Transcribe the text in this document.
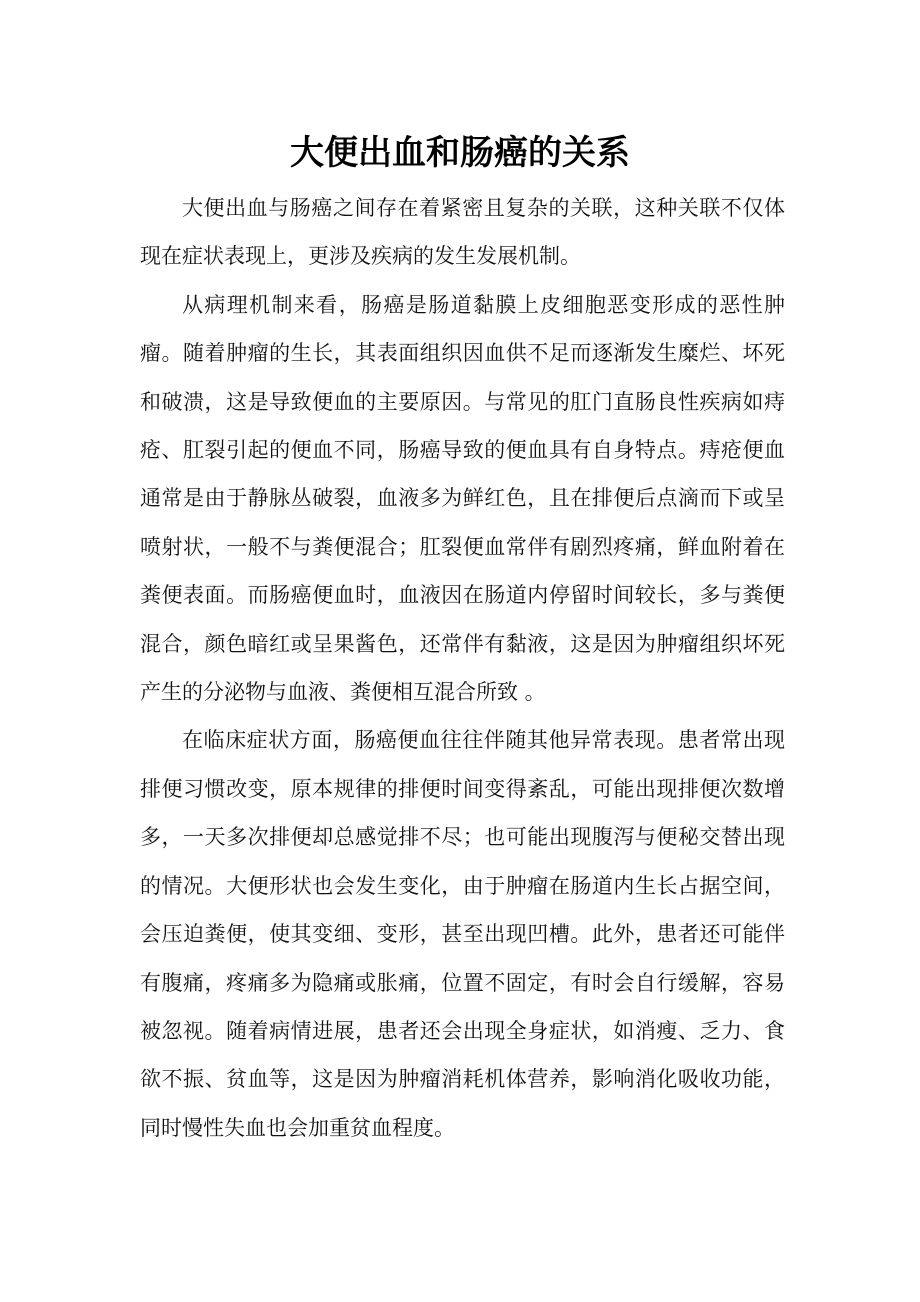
大便出血和肠癌的关系

大便出血与肠癌之间存在着紧密且复杂的关联，这种关联不仅体现在症状表现上，更涉及疾病的发生发展机制。

从病理机制来看，肠癌是肠道黏膜上皮细胞恶变形成的恶性肿瘤。随着肿瘤的生长，其表面组织因血供不足而逐渐发生糜烂、坏死和破溃，这是导致便血的主要原因。与常见的肛门直肠良性疾病如痔疮、肛裂引起的便血不同，肠癌导致的便血具有自身特点。痔疮便血通常是由于静脉丛破裂，血液多为鲜红色，且在排便后点滴而下或呈喷射状，一般不与粪便混合；肛裂便血常伴有剧烈疼痛，鲜血附着在粪便表面。而肠癌便血时，血液因在肠道内停留时间较长，多与粪便混合，颜色暗红或呈果酱色，还常伴有黏液，这是因为肿瘤组织坏死产生的分泌物与血液、粪便相互混合所致 。

在临床症状方面，肠癌便血往往伴随其他异常表现。患者常出现排便习惯改变，原本规律的排便时间变得紊乱，可能出现排便次数增多，一天多次排便却总感觉排不尽；也可能出现腹泻与便秘交替出现的情况。大便形状也会发生变化，由于肿瘤在肠道内生长占据空间，会压迫粪便，使其变细、变形，甚至出现凹槽。此外，患者还可能伴有腹痛，疼痛多为隐痛或胀痛，位置不固定，有时会自行缓解，容易被忽视。随着病情进展，患者还会出现全身症状，如消瘦、乏力、食欲不振、贫血等，这是因为肿瘤消耗机体营养，影响消化吸收功能，同时慢性失血也会加重贫血程度。
